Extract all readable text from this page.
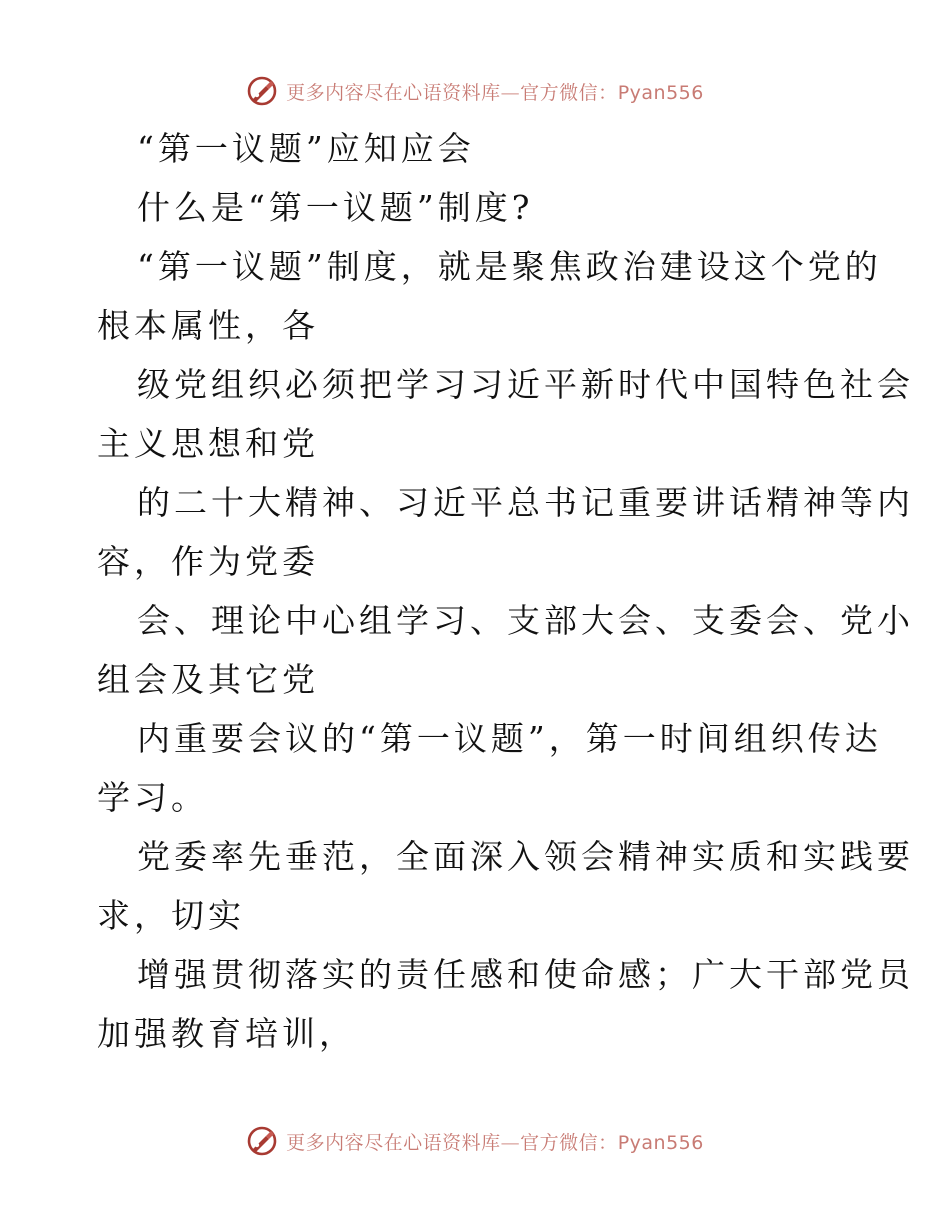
更多内容尽在心语资料库—官方微信：Pyan556

“第一议题”应知应会

什么是“第一议题”制度?

“第一议题”制度，就是聚焦政治建设这个党的

根本属性，各

级党组织必须把学习习近平新时代中国特色社会

主义思想和党

的二十大精神、习近平总书记重要讲话精神等内

容，作为党委

会、理论中心组学习、支部大会、支委会、党小

组会及其它党

内重要会议的“第一议题”，第一时间组织传达

学习。

党委率先垂范，全面深入领会精神实质和实践要

求，切实

增强贯彻落实的责任感和使命感；广大干部党员

加强教育培训，

更多内容尽在心语资料库—官方微信：Pyan556
